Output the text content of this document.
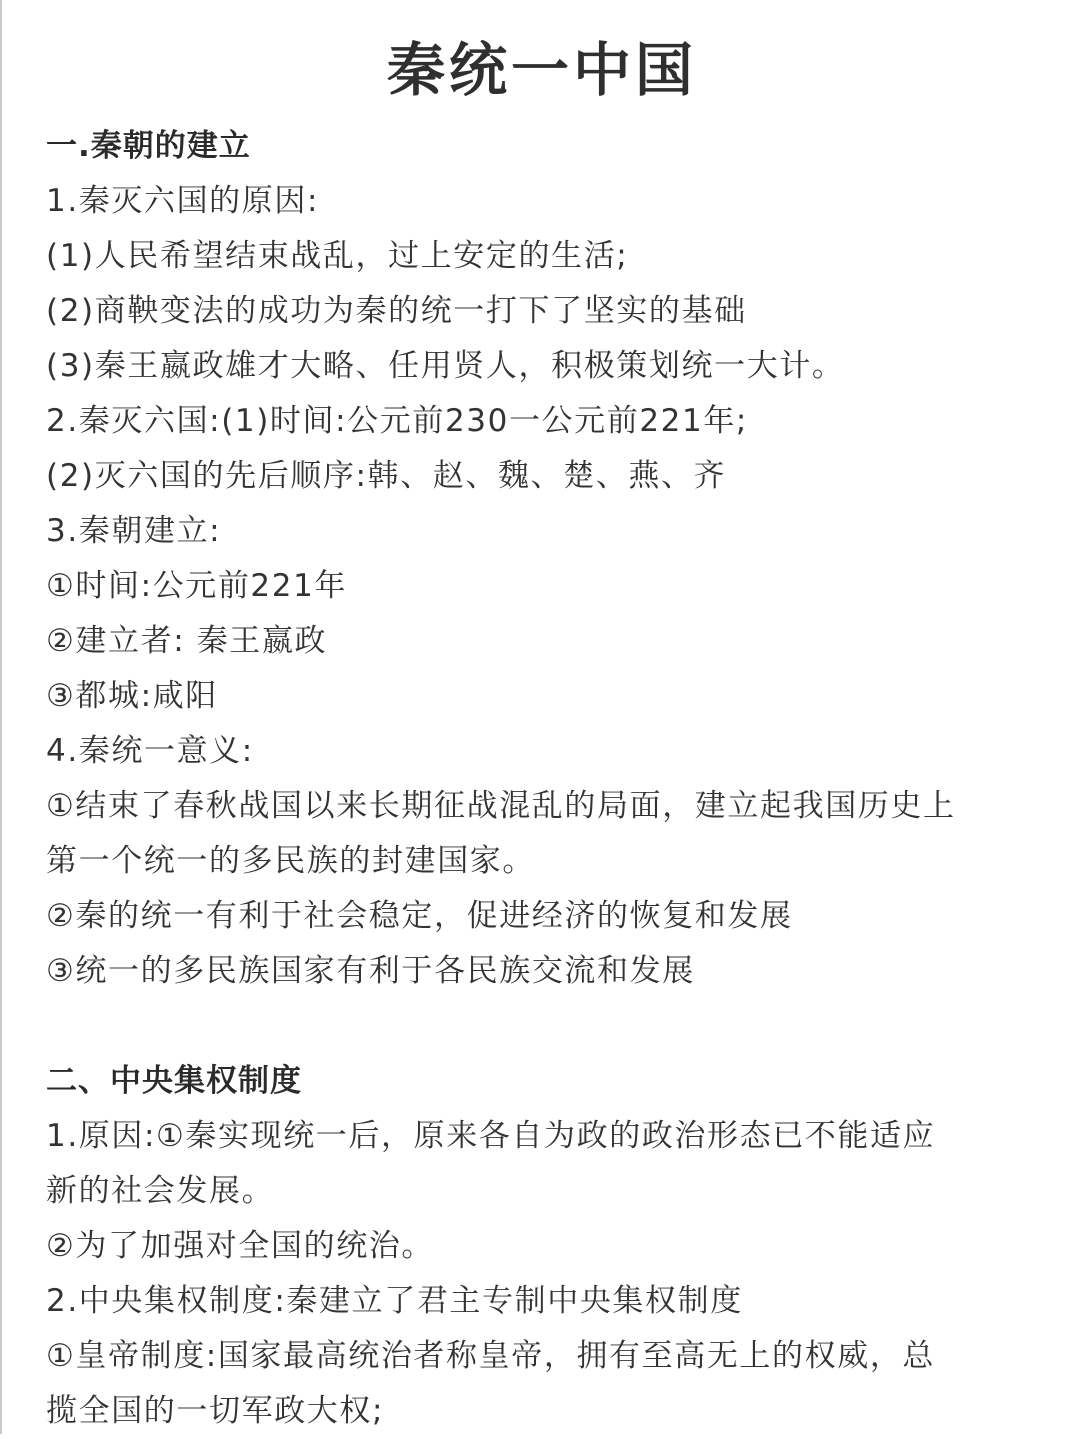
秦统一中国
一.秦朝的建立
1.秦灭六国的原因:
(1)人民希望结束战乱，过上安定的生活;
(2)商鞅变法的成功为秦的统一打下了坚实的基础
(3)秦王嬴政雄才大略、任用贤人，积极策划统一大计。
2.秦灭六国:(1)时间:公元前230一公元前221年;
(2)灭六国的先后顺序:韩、赵、魏、楚、燕、齐
3.秦朝建立:
①时间:公元前221年
②建立者: 秦王嬴政
③都城:咸阳
4.秦统一意义:
①结束了春秋战国以来长期征战混乱的局面，建立起我国历史上
第一个统一的多民族的封建国家。
②秦的统一有利于社会稳定，促进经济的恢复和发展
③统一的多民族国家有利于各民族交流和发展
二、中央集权制度
1.原因:①秦实现统一后，原来各自为政的政治形态已不能适应
新的社会发展。
②为了加强对全国的统治。
2.中央集权制度:秦建立了君主专制中央集权制度
①皇帝制度:国家最高统治者称皇帝，拥有至高无上的权威，总
揽全国的一切军政大权;
